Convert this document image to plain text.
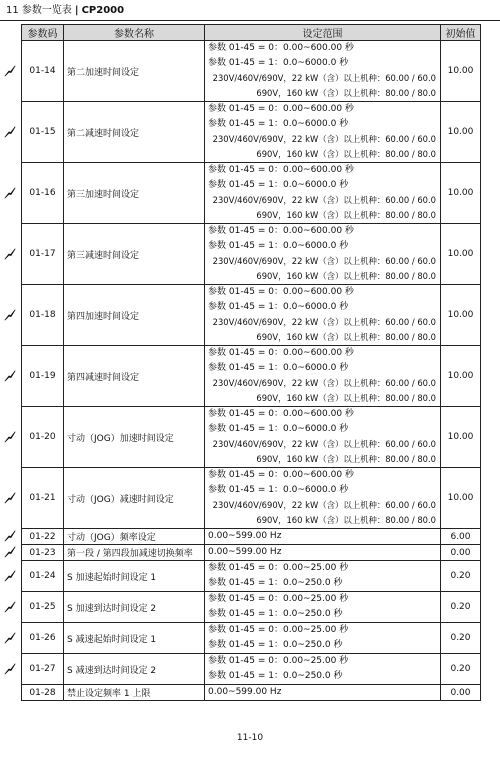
11 参数一览表 | CP2000
参数码	参数名称	设定范围	初始值
01-14	第二加速时间设定	参数 01-45 = 0：0.00~600.00 秒
参数 01-45 = 1：0.0~6000.0 秒
230V/460V/690V，22 kW（含）以上机种：60.00 / 60.0
690V，160 kW（含）以上机种：80.00 / 80.0	10.00
01-15	第二减速时间设定	参数 01-45 = 0：0.00~600.00 秒
参数 01-45 = 1：0.0~6000.0 秒
230V/460V/690V，22 kW（含）以上机种：60.00 / 60.0
690V，160 kW（含）以上机种：80.00 / 80.0	10.00
01-16	第三加速时间设定	参数 01-45 = 0：0.00~600.00 秒
参数 01-45 = 1：0.0~6000.0 秒
230V/460V/690V，22 kW（含）以上机种：60.00 / 60.0
690V，160 kW（含）以上机种：80.00 / 80.0	10.00
01-17	第三减速时间设定	参数 01-45 = 0：0.00~600.00 秒
参数 01-45 = 1：0.0~6000.0 秒
230V/460V/690V，22 kW（含）以上机种：60.00 / 60.0
690V，160 kW（含）以上机种：80.00 / 80.0	10.00
01-18	第四加速时间设定	参数 01-45 = 0：0.00~600.00 秒
参数 01-45 = 1：0.0~6000.0 秒
230V/460V/690V，22 kW（含）以上机种：60.00 / 60.0
690V，160 kW（含）以上机种：80.00 / 80.0	10.00
01-19	第四减速时间设定	参数 01-45 = 0：0.00~600.00 秒
参数 01-45 = 1：0.0~6000.0 秒
230V/460V/690V，22 kW（含）以上机种：60.00 / 60.0
690V，160 kW（含）以上机种：80.00 / 80.0	10.00
01-20	寸动（JOG）加速时间设定	参数 01-45 = 0：0.00~600.00 秒
参数 01-45 = 1：0.0~6000.0 秒
230V/460V/690V，22 kW（含）以上机种：60.00 / 60.0
690V，160 kW（含）以上机种：80.00 / 80.0	10.00
01-21	寸动（JOG）减速时间设定	参数 01-45 = 0：0.00~600.00 秒
参数 01-45 = 1：0.0~6000.0 秒
230V/460V/690V，22 kW（含）以上机种：60.00 / 60.0
690V，160 kW（含）以上机种：80.00 / 80.0	10.00
01-22	寸动（JOG）频率设定	0.00~599.00 Hz	6.00
01-23	第一段 / 第四段加减速切换频率	0.00~599.00 Hz	0.00
01-24	S 加速起始时间设定 1	参数 01-45 = 0：0.00~25.00 秒
参数 01-45 = 1：0.0~250.0 秒	0.20
01-25	S 加速到达时间设定 2	参数 01-45 = 0：0.00~25.00 秒
参数 01-45 = 1：0.0~250.0 秒	0.20
01-26	S 减速起始时间设定 1	参数 01-45 = 0：0.00~25.00 秒
参数 01-45 = 1：0.0~250.0 秒	0.20
01-27	S 减速到达时间设定 2	参数 01-45 = 0：0.00~25.00 秒
参数 01-45 = 1：0.0~250.0 秒	0.20
01-28	禁止设定频率 1 上限	0.00~599.00 Hz	0.00
11-10
